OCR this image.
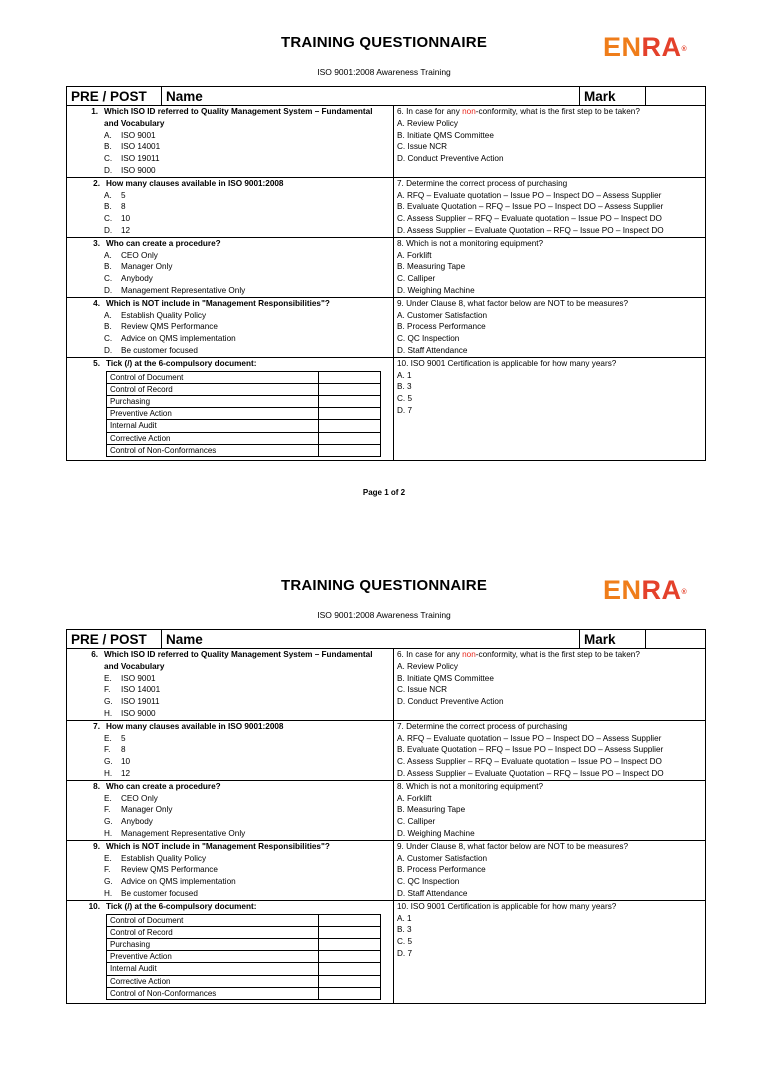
TRAINING QUESTIONNAIRE
ISO 9001:2008 Awareness Training
ENRA®
PRE / POST	Name	Mark
1. Which ISO ID referred to Quality Management System – Fundamental and Vocabulary
A.	ISO 9001
B.	ISO 14001
C.	ISO 19011
D.	ISO 9000
6. In case for any non-conformity, what is the first step to be taken?
A. Review Policy
B. Initiate QMS Committee
C. Issue NCR
D. Conduct Preventive Action
2. How many clauses available in ISO 9001:2008
A.	5
B.	8
C.	10
D.	12
7. Determine the correct process of purchasing
A. RFQ – Evaluate quotation – Issue PO – Inspect DO – Assess Supplier
B. Evaluate Quotation – RFQ – Issue PO – Inspect DO – Assess Supplier
C. Assess Supplier – RFQ – Evaluate quotation – Issue PO – Inspect DO
D. Assess Supplier – Evaluate Quotation – RFQ – Issue PO – Inspect DO
3. Who can create a procedure?
A.	CEO Only
B.	Manager Only
C.	Anybody
D.	Management Representative Only
8. Which is not a monitoring equipment?
A. Forklift
B. Measuring Tape
C. Calliper
D. Weighing Machine
4. Which is NOT include in "Management Responsibilities"?
A.	Establish Quality Policy
B.	Review QMS Performance
C.	Advice on QMS implementation
D.	Be customer focused
9. Under Clause 8, what factor below are NOT to be measures?
A. Customer Satisfaction
B. Process Performance
C. QC Inspection
D. Staff Attendance
5. Tick (/) at the 6-compulsory document:
Control of Document	
Control of Record	
Purchasing	
Preventive Action	
Internal Audit	
Corrective Action	
Control of Non-Conformances	
10. ISO 9001 Certification is applicable for how many years?
A. 1
B. 3
C. 5
D. 7
Page 1 of 2
TRAINING QUESTIONNAIRE
ISO 9001:2008 Awareness Training
ENRA®
PRE / POST	Name	Mark
6. Which ISO ID referred to Quality Management System – Fundamental and Vocabulary
E.	ISO 9001
F.	ISO 14001
G.	ISO 19011
H.	ISO 9000
6. In case for any non-conformity, what is the first step to be taken?
A. Review Policy
B. Initiate QMS Committee
C. Issue NCR
D. Conduct Preventive Action
7. How many clauses available in ISO 9001:2008
E.	5
F.	8
G.	10
H.	12
7. Determine the correct process of purchasing
A. RFQ – Evaluate quotation – Issue PO – Inspect DO – Assess Supplier
B. Evaluate Quotation – RFQ – Issue PO – Inspect DO – Assess Supplier
C. Assess Supplier – RFQ – Evaluate quotation – Issue PO – Inspect DO
D. Assess Supplier – Evaluate Quotation – RFQ – Issue PO – Inspect DO
8. Who can create a procedure?
E.	CEO Only
F.	Manager Only
G.	Anybody
H.	Management Representative Only
8. Which is not a monitoring equipment?
A. Forklift
B. Measuring Tape
C. Calliper
D. Weighing Machine
9. Which is NOT include in "Management Responsibilities"?
E.	Establish Quality Policy
F.	Review QMS Performance
G.	Advice on QMS implementation
H.	Be customer focused
9. Under Clause 8, what factor below are NOT to be measures?
A. Customer Satisfaction
B. Process Performance
C. QC Inspection
D. Staff Attendance
10. Tick (/) at the 6-compulsory document:
Control of Document	
Control of Record	
Purchasing	
Preventive Action	
Internal Audit	
Corrective Action	
Control of Non-Conformances	
10. ISO 9001 Certification is applicable for how many years?
A. 1
B. 3
C. 5
D. 7
